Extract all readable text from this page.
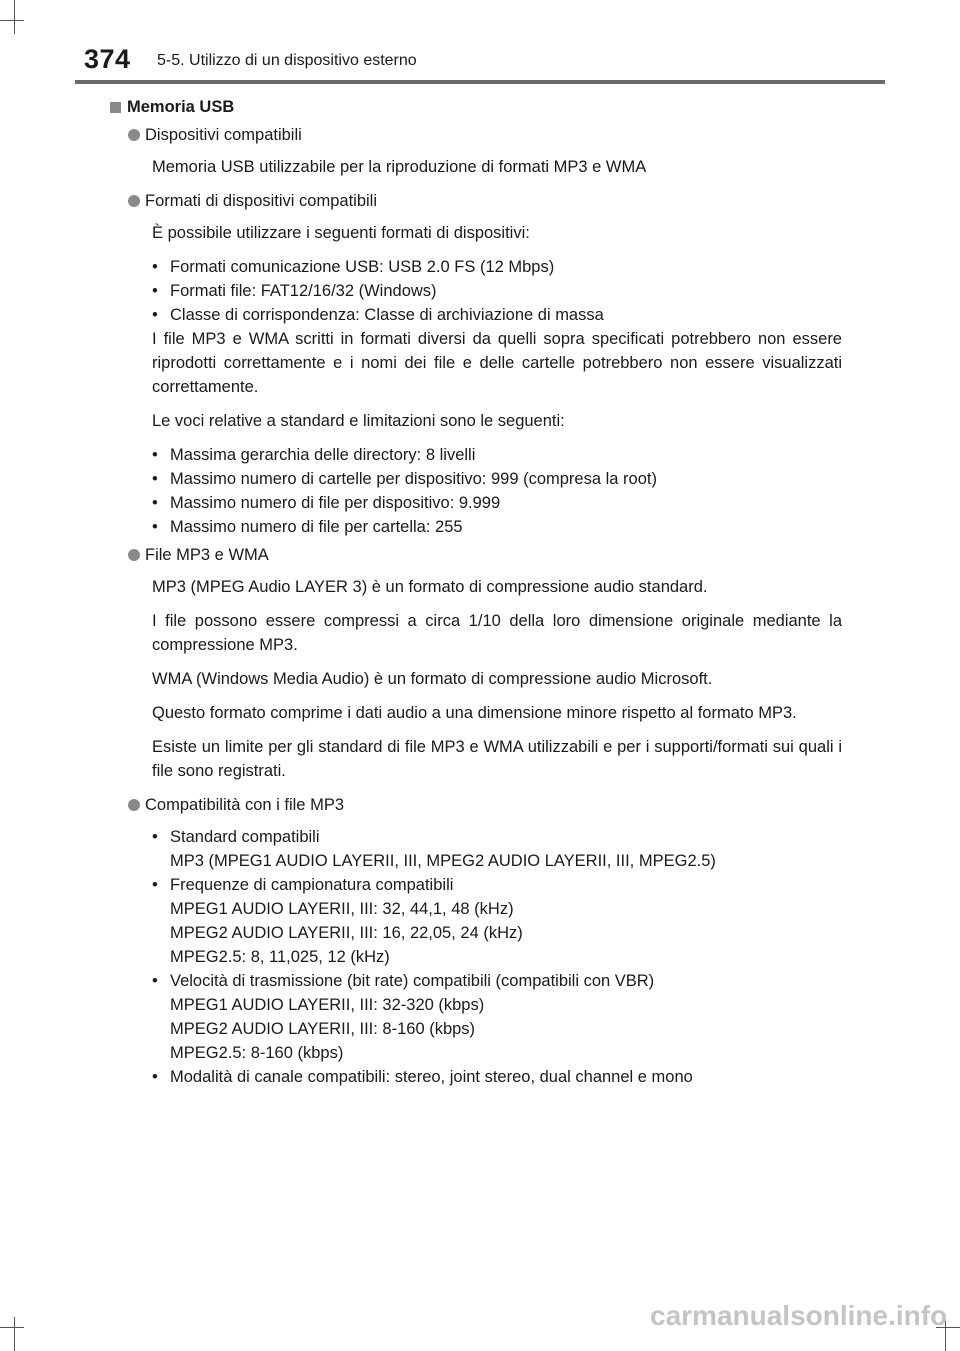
374 5-5. Utilizzo di un dispositivo esterno
Memoria USB
Dispositivi compatibili

Memoria USB utilizzabile per la riproduzione di formati MP3 e WMA

Formati di dispositivi compatibili

È possibile utilizzare i seguenti formati di dispositivi:

• Formati comunicazione USB: USB 2.0 FS (12 Mbps)
• Formati file: FAT12/16/32 (Windows)
• Classe di corrispondenza: Classe di archiviazione di massa

I file MP3 e WMA scritti in formati diversi da quelli sopra specificati potrebbero non essere riprodotti correttamente e i nomi dei file e delle cartelle potrebbero non essere visualizzati correttamente.

Le voci relative a standard e limitazioni sono le seguenti:

• Massima gerarchia delle directory: 8 livelli
• Massimo numero di cartelle per dispositivo: 999 (compresa la root)
• Massimo numero di file per dispositivo: 9.999
• Massimo numero di file per cartella: 255
File MP3 e WMA

MP3 (MPEG Audio LAYER 3) è un formato di compressione audio standard.

I file possono essere compressi a circa 1/10 della loro dimensione originale mediante la compressione MP3.

WMA (Windows Media Audio) è un formato di compressione audio Microsoft.

Questo formato comprime i dati audio a una dimensione minore rispetto al formato MP3.

Esiste un limite per gli standard di file MP3 e WMA utilizzabili e per i supporti/formati sui quali i file sono registrati.

Compatibilità con i file MP3
• Standard compatibili
MP3 (MPEG1 AUDIO LAYERII, III, MPEG2 AUDIO LAYERII, III, MPEG2.5)
• Frequenze di campionatura compatibili
MPEG1 AUDIO LAYERII, III: 32, 44,1, 48 (kHz)
MPEG2 AUDIO LAYERII, III: 16, 22,05, 24 (kHz)
MPEG2.5: 8, 11,025, 12 (kHz)
• Velocità di trasmissione (bit rate) compatibili (compatibili con VBR)
MPEG1 AUDIO LAYERII, III: 32-320 (kbps)
MPEG2 AUDIO LAYERII, III: 8-160 (kbps)
MPEG2.5: 8-160 (kbps)
• Modalità di canale compatibili: stereo, joint stereo, dual channel e mono
carmanualsonline.info
